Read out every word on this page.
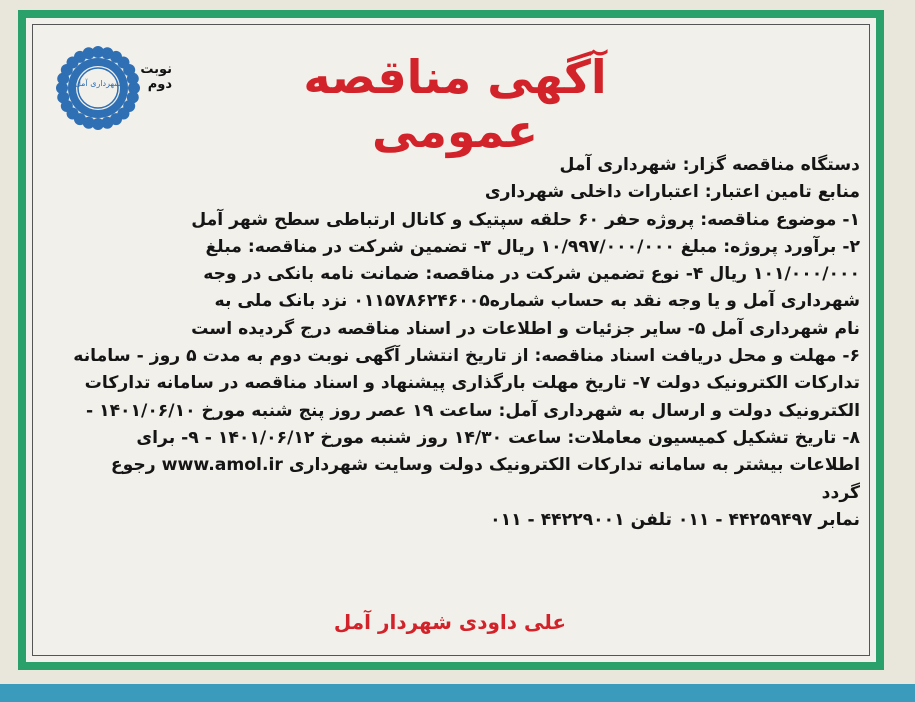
شهرداری آمل
نوبت دوم	آگهی مناقصه عمومی
دستگاه مناقصه گزار: شهرداری آمل
منابع تامین اعتبار: اعتبارات داخلی شهرداری
۱- موضوع مناقصه: پروژه حفر ۶۰ حلقه سپتیک و کانال ارتباطی سطح شهر آمل
۲- برآورد پروژه: مبلغ ۱۰/۹۹۷/۰۰۰/۰۰۰ ریال ۳- تضمین شرکت در مناقصه: مبلغ
۱۰۱/۰۰۰/۰۰۰ ریال ۴- نوع تضمین شرکت در مناقصه: ضمانت نامه بانکی در وجه
شهرداری آمل و یا وجه نقد به حساب شماره۰۱۱۵۷۸۶۲۴۶۰۰۵ نزد بانک ملی به
نام شهرداری آمل ۵- سایر جزئیات و اطلاعات در اسناد مناقصه درج گردیده است
۶- مهلت و محل دریافت اسناد مناقصه: از تاریخ انتشار آگهی نوبت دوم به مدت ۵ روز - سامانه
تدارکات الکترونیک دولت ۷- تاریخ مهلت بارگذاری پیشنهاد و اسناد مناقصه در سامانه تدارکات
الکترونیک دولت و ارسال به شهرداری آمل: ساعت ۱۹ عصر روز پنج شنبه مورخ ۱۴۰۱/۰۶/۱۰ -
۸- تاریخ تشکیل کمیسیون معاملات: ساعت ۱۴/۳۰ روز شنبه مورخ ۱۴۰۱/۰۶/۱۲ - ۹- برای
اطلاعات بیشتر به سامانه تدارکات الکترونیک دولت وسایت شهرداری www.amol.ir رجوع
گردد
نمابر ۴۴۲۵۹۴۹۷ - ۰۱۱ تلفن ۴۴۲۲۹۰۰۱ - ۰۱۱
علی داودی شهردار آمل
